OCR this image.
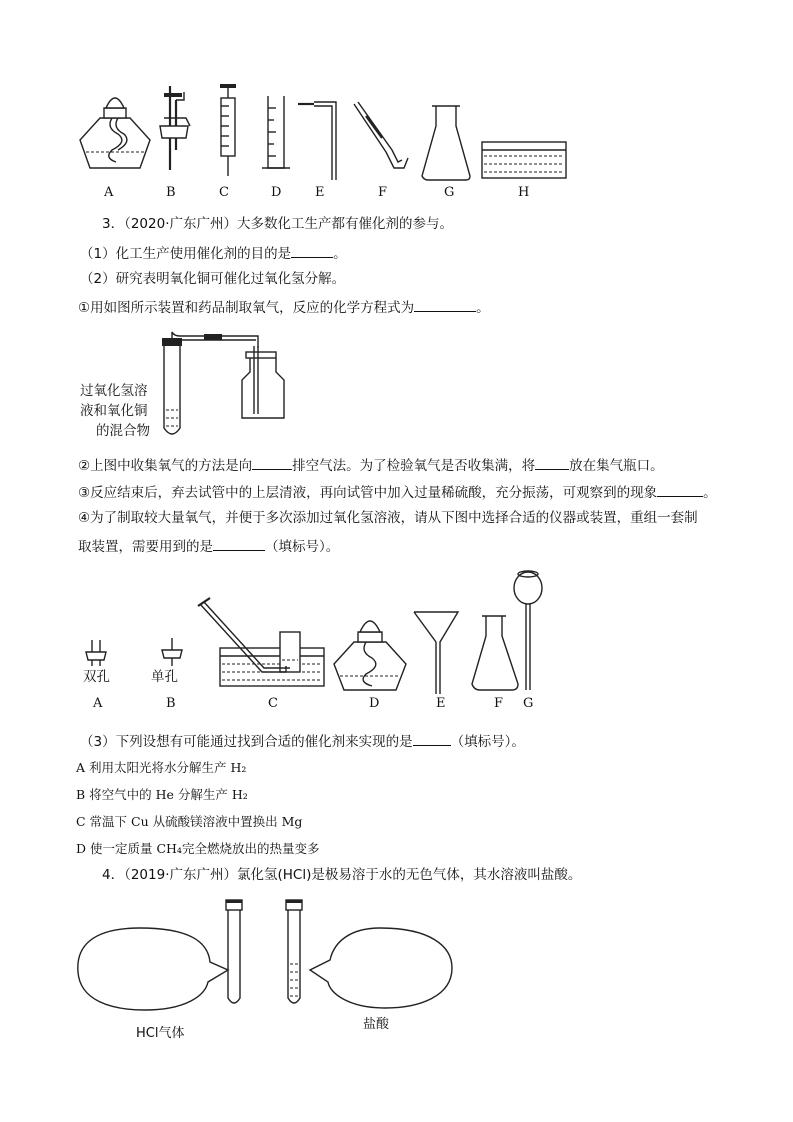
A	B	C	D	E	F	G	H
3．（2020·广东广州）大多数化工生产都有催化剂的参与。
（1）化工生产使用催化剂的目的是	。
（2）研究表明氧化铜可催化过氧化氢分解。
①用如图所示装置和药品制取氧气，反应的化学方程式为	。
过氧化氢溶
液和氧化铜
的混合物
②上图中收集氧气的方法是向	排空气法。为了检验氧气是否收集满，将	放在集气瓶口。
③反应结束后，弃去试管中的上层清液，再向试管中加入过量稀硫酸，充分振荡，可观察到的现象	。
④为了制取较大量氧气，并便于多次添加过氧化氢溶液，请从下图中选择合适的仪器或装置，重组一套制
取装置，需要用到的是	（填标号）。
双孔	单孔
A	B	C	D	E	F G
（3）下列设想有可能通过找到合适的催化剂来实现的是	（填标号）。
A 利用太阳光将水分解生产 H₂
B 将空气中的 He 分解生产 H₂
C 常温下 Cu 从硫酸镁溶液中置换出 Mg
D 使一定质量 CH₄完全燃烧放出的热量变多
4．（2019·广东广州）氯化氢(HCl)是极易溶于水的无色气体，其水溶液叫盐酸。
HCl气体
盐酸
